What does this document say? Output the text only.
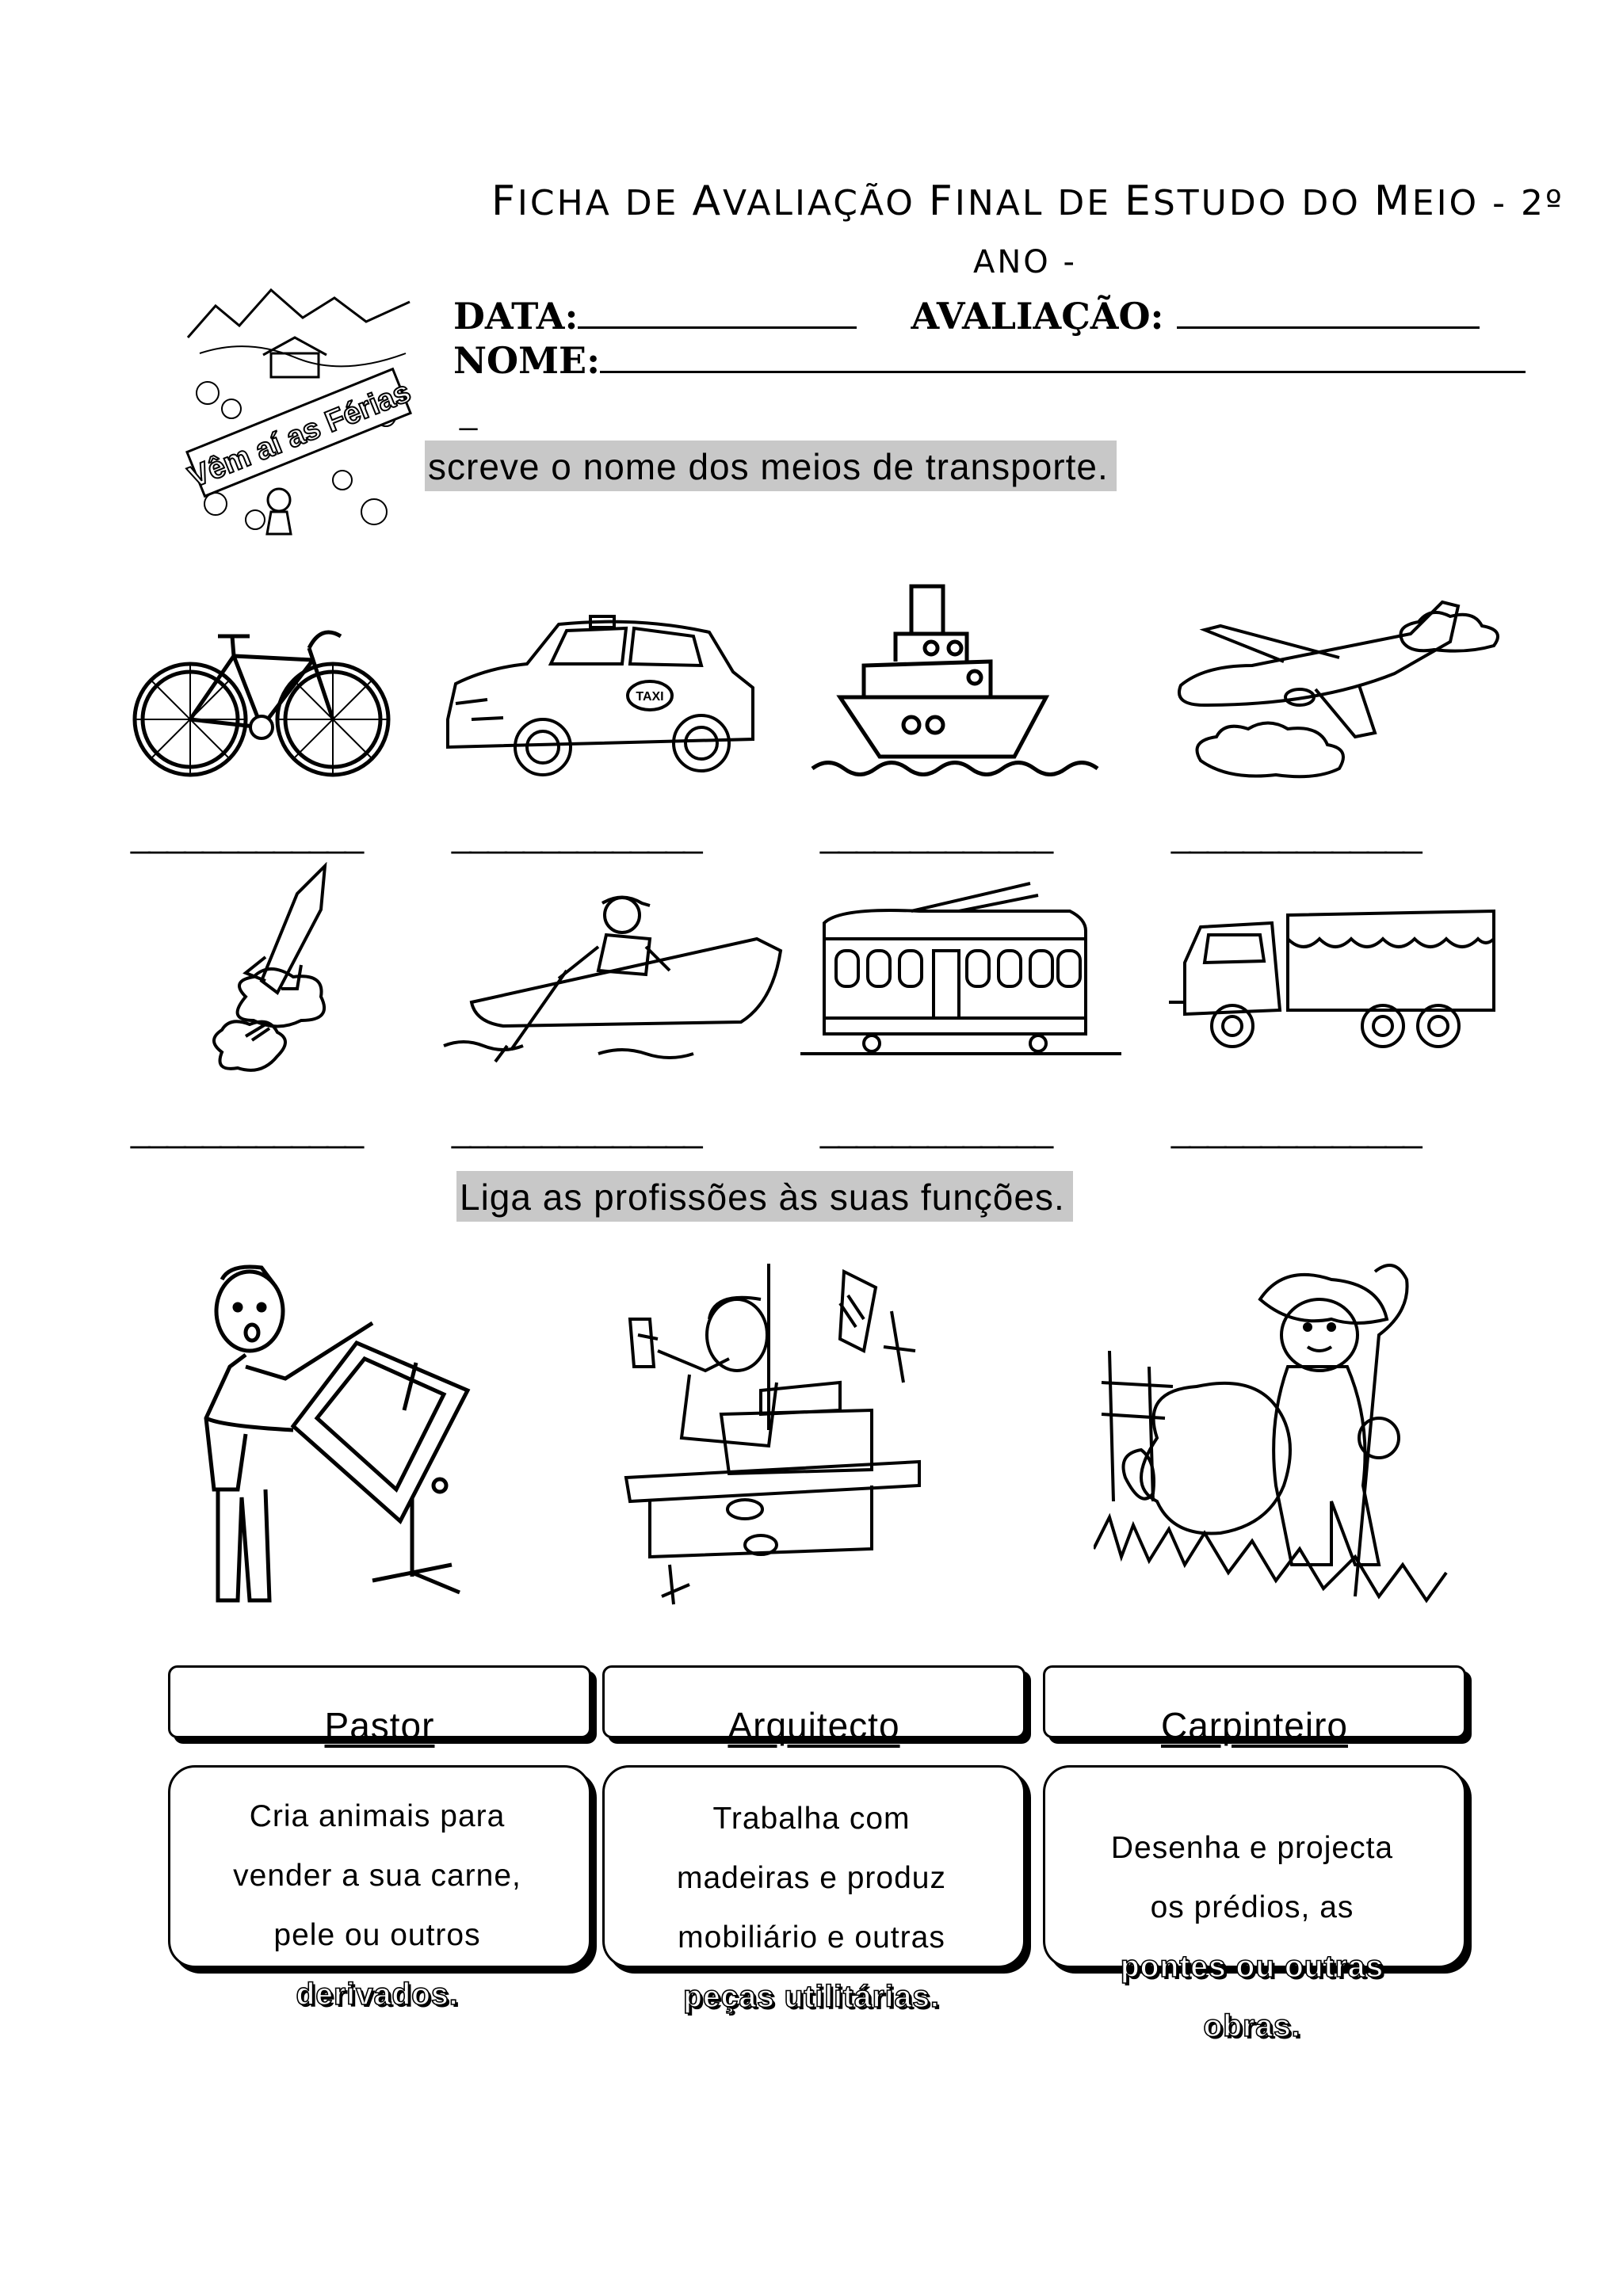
FICHA DE AVALIAÇÃO FINAL DE ESTUDO DO MEIO - 2º
ANO -
DATA:	AVALIAÇÃO:
NOME:
_
Vêm aí as Férias screve o nome dos meios de transporte.
TAXI
_____________	______________	_____________	______________
_____________	______________	_____________	______________
Liga as profissões às suas funções.
Pastor	Arquitecto	Carpinteiro
Cria animais para
vender a sua carne,
pele ou outros
derivados.
Trabalha com
madeiras e produz
mobiliário e outras
peças utilitárias.
Desenha e projecta
os prédios, as
pontes ou outras
obras.
